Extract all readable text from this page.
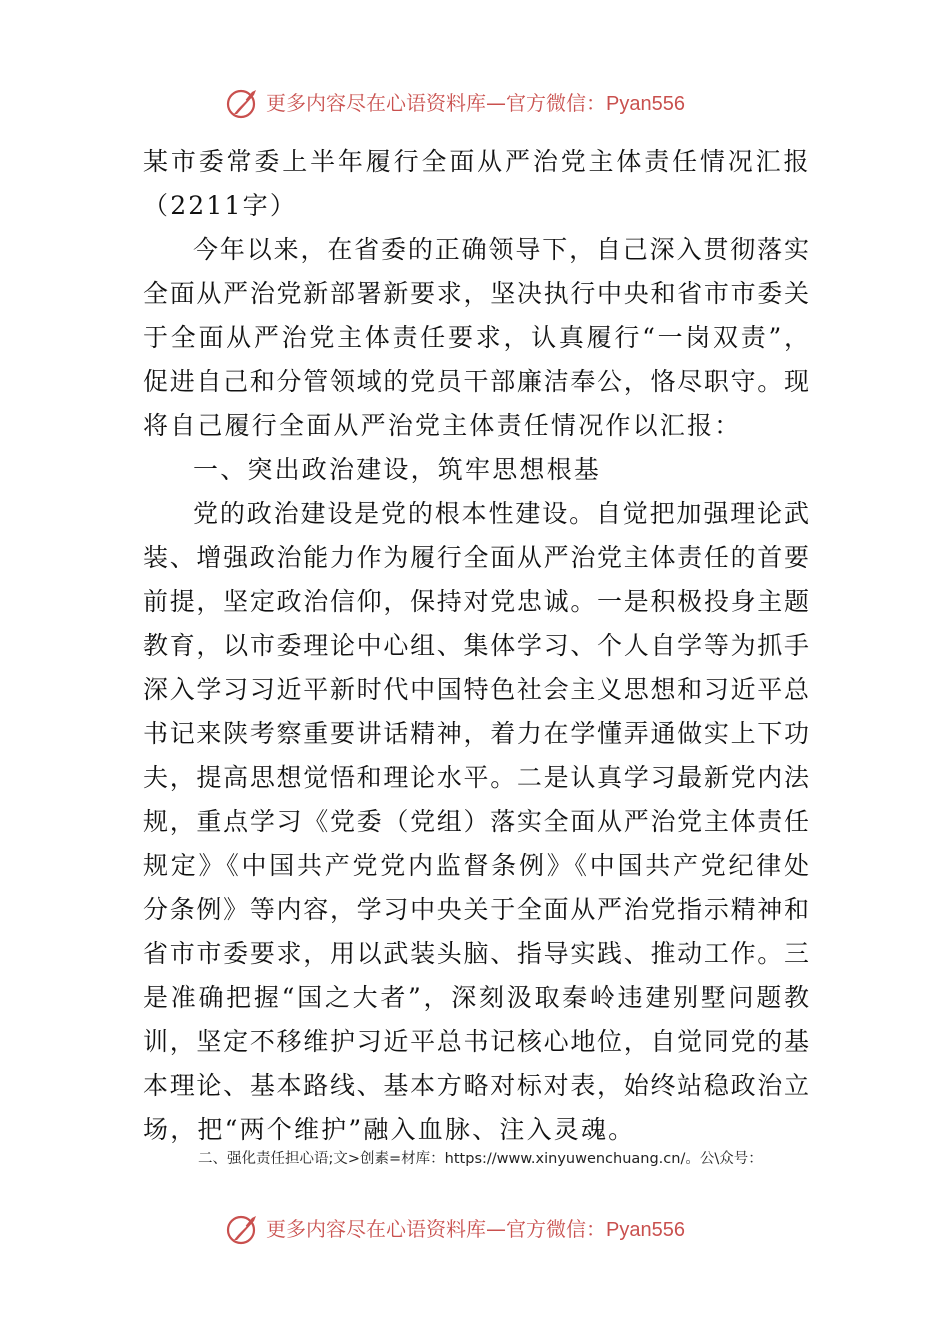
更多内容尽在心语资料库—官方微信：Pyan556
某市委常委上半年履行全面从严治党主体责任情况汇报
（2211字）
今年以来，在省委的正确领导下，自己深入贯彻落实
全面从严治党新部署新要求，坚决执行中央和省市市委关
于全面从严治党主体责任要求，认真履行“一岗双责”，
促进自己和分管领域的党员干部廉洁奉公，恪尽职守。现
将自己履行全面从严治党主体责任情况作以汇报：
一、突出政治建设，筑牢思想根基
党的政治建设是党的根本性建设。自觉把加强理论武
装、增强政治能力作为履行全面从严治党主体责任的首要
前提，坚定政治信仰，保持对党忠诚。一是积极投身主题
教育，以市委理论中心组、集体学习、个人自学等为抓手
深入学习习近平新时代中国特色社会主义思想和习近平总
书记来陕考察重要讲话精神，着力在学懂弄通做实上下功
夫，提高思想觉悟和理论水平。二是认真学习最新党内法
规，重点学习《党委（党组）落实全面从严治党主体责任
规定》《中国共产党党内监督条例》《中国共产党纪律处
分条例》等内容，学习中央关于全面从严治党指示精神和
省市市委要求，用以武装头脑、指导实践、推动工作。三
是准确把握“国之大者”，深刻汲取秦岭违建别墅问题教
训，坚定不移维护习近平总书记核心地位，自觉同党的基
本理论、基本路线、基本方略对标对表，始终站稳政治立
场，把“两个维护”融入血脉、注入灵魂。
二、强化责任担心语;文>创素=材库：https://www.xinyuwenchuang.cn/。公\众号：
更多内容尽在心语资料库—官方微信：Pyan556
